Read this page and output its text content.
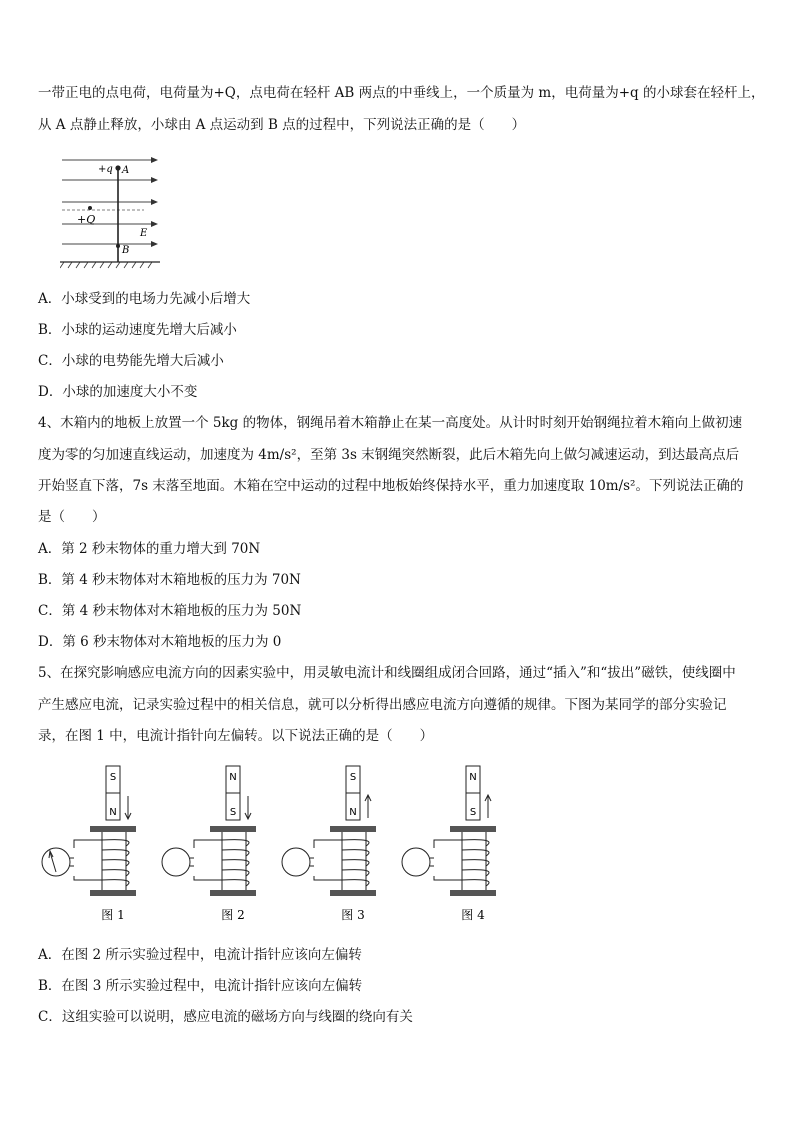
一带正电的点电荷，电荷量为+Q，点电荷在轻杆 AB 两点的中垂线上，一个质量为 m，电荷量为+q 的小球套在轻杆上，
从 A 点静止释放，小球由 A 点运动到 B 点的过程中，下列说法正确的是（　　）
+q A
+Q
E
B
A．小球受到的电场力先减小后增大
B．小球的运动速度先增大后减小
C．小球的电势能先增大后减小
D．小球的加速度大小不变
4、木箱内的地板上放置一个 5kg 的物体，钢绳吊着木箱静止在某一高度处。从计时时刻开始钢绳拉着木箱向上做初速
度为零的匀加速直线运动，加速度为 4m/s²，至第 3s 末钢绳突然断裂，此后木箱先向上做匀减速运动，到达最高点后
开始竖直下落，7s 末落至地面。木箱在空中运动的过程中地板始终保持水平，重力加速度取 10m/s²。下列说法正确的
是（　　）
A．第 2 秒末物体的重力增大到 70N
B．第 4 秒末物体对木箱地板的压力为 70N
C．第 4 秒末物体对木箱地板的压力为 50N
D．第 6 秒末物体对木箱地板的压力为 0
5、在探究影响感应电流方向的因素实验中，用灵敏电流计和线圈组成闭合回路，通过“插入”和“拔出”磁铁，使线圈中
产生感应电流，记录实验过程中的相关信息，就可以分析得出感应电流方向遵循的规律。下图为某同学的部分实验记
录，在图 1 中，电流计指针向左偏转。以下说法正确的是（　　）
S
N
图 1
N
S
图 2
S
N
图 3
N
S
图 4
A．在图 2 所示实验过程中，电流计指针应该向左偏转
B．在图 3 所示实验过程中，电流计指针应该向左偏转
C．这组实验可以说明，感应电流的磁场方向与线圈的绕向有关
